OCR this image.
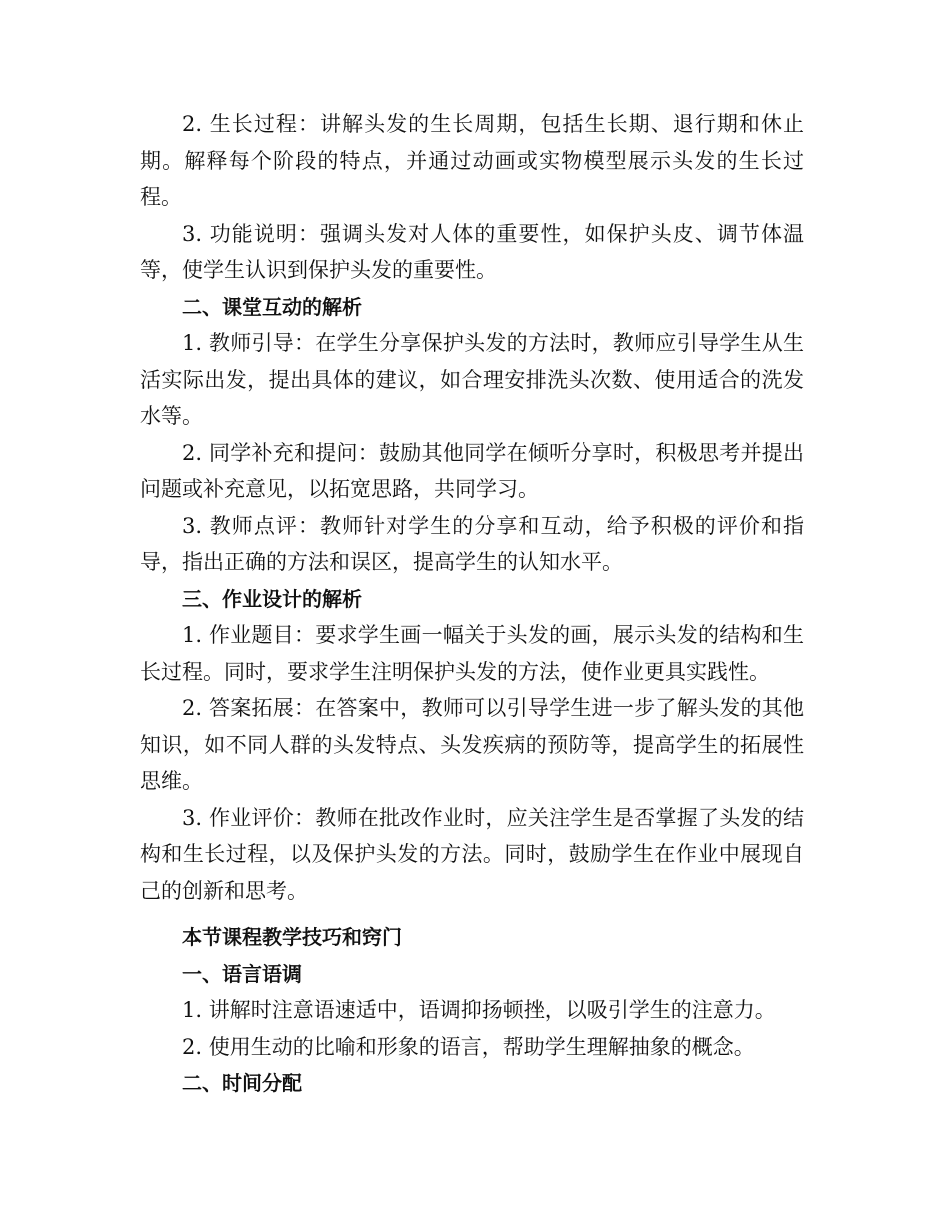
2. 生长过程：讲解头发的生长周期，包括生长期、退行期和休止期。解释每个阶段的特点，并通过动画或实物模型展示头发的生长过程。

3. 功能说明：强调头发对人体的重要性，如保护头皮、调节体温等，使学生认识到保护头发的重要性。

二、课堂互动的解析

1. 教师引导：在学生分享保护头发的方法时，教师应引导学生从生活实际出发，提出具体的建议，如合理安排洗头次数、使用适合的洗发水等。

2. 同学补充和提问：鼓励其他同学在倾听分享时，积极思考并提出问题或补充意见，以拓宽思路，共同学习。

3. 教师点评：教师针对学生的分享和互动，给予积极的评价和指导，指出正确的方法和误区，提高学生的认知水平。

三、作业设计的解析

1. 作业题目：要求学生画一幅关于头发的画，展示头发的结构和生长过程。同时，要求学生注明保护头发的方法，使作业更具实践性。

2. 答案拓展：在答案中，教师可以引导学生进一步了解头发的其他知识，如不同人群的头发特点、头发疾病的预防等，提高学生的拓展性思维。

3. 作业评价：教师在批改作业时，应关注学生是否掌握了头发的结构和生长过程，以及保护头发的方法。同时，鼓励学生在作业中展现自己的创新和思考。

本节课程教学技巧和窍门

一、语言语调

1. 讲解时注意语速适中，语调抑扬顿挫，以吸引学生的注意力。

2. 使用生动的比喻和形象的语言，帮助学生理解抽象的概念。

二、时间分配
